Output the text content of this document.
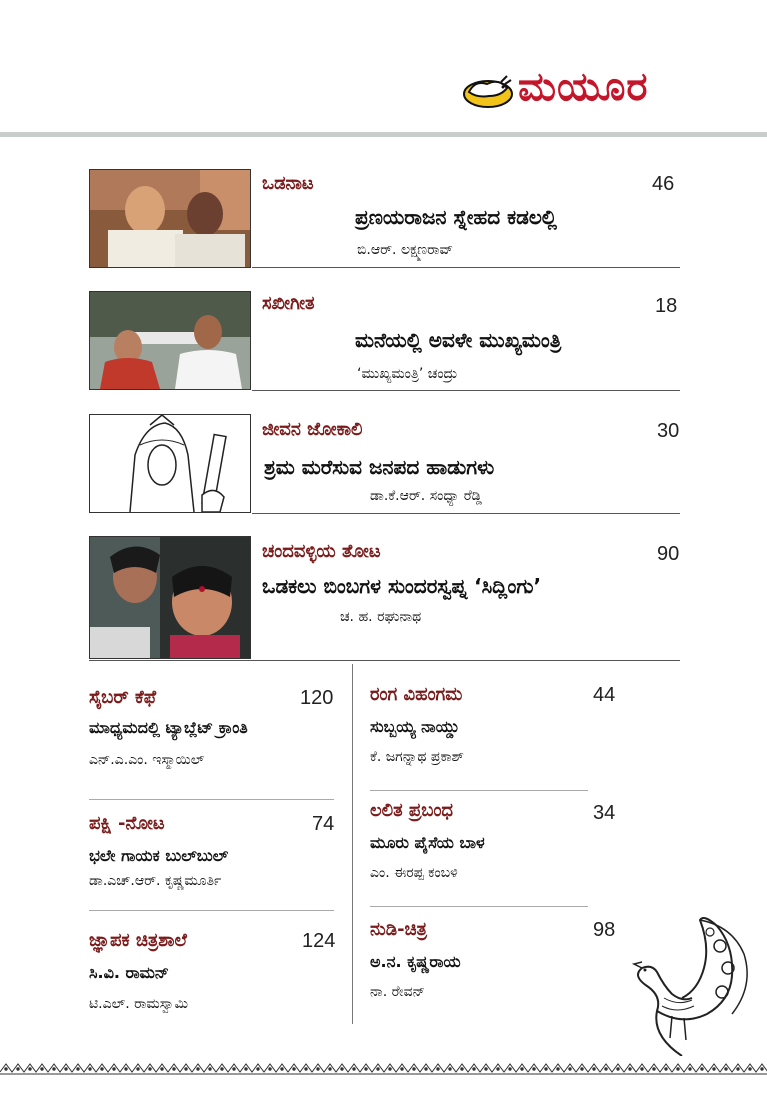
ಮಯೂರ
ಒಡನಾಟ	46
ಪ್ರಣಯರಾಜನ ಸ್ನೇಹದ ಕಡಲಲ್ಲಿ
ಬಿ.ಆರ್. ಲಕ್ಷ್ಮಣರಾವ್
ಸಖೀಗೀತ	18
ಮನೆಯಲ್ಲಿ ಅವಳೇ ಮುಖ್ಯಮಂತ್ರಿ
‘ಮುಖ್ಯಮಂತ್ರಿ’ ಚಂದ್ರು
ಜೀವನ ಜೋಕಾಲಿ	30
ಶ್ರಮ ಮರೆಸುವ ಜನಪದ ಹಾಡುಗಳು
ಡಾ.ಕೆ.ಆರ್. ಸಂಧ್ಯಾ ರೆಡ್ಡಿ
ಚಂದವಳ್ಳಿಯ ತೋಟ	90
ಒಡಕಲು ಬಿಂಬಗಳ ಸುಂದರಸ್ವಪ್ನ ‘ಸಿದ್ಲಿಂಗು’
ಚ. ಹ. ರಘುನಾಥ
ಸೈಬರ್ ಕೆಫೆ	120
ಮಾಧ್ಯಮದಲ್ಲಿ ಟ್ಯಾಬ್ಲೆಟ್ ಕ್ರಾಂತಿ
ಎನ್.ಎ.ಎಂ. ಇಸ್ಮಾಯಿಲ್
ಪಕ್ಷಿ -ನೋಟ	74
ಭಲೇ ಗಾಯಕ ಬುಲ್‌ಬುಲ್
ಡಾ.ಎಚ್.ಆರ್. ಕೃಷ್ಣಮೂರ್ತಿ
ಜ್ಞಾಪಕ ಚಿತ್ರಶಾಲೆ	124
ಸಿ.ವಿ. ರಾಮನ್
ಟಿ.ಎಲ್. ರಾಮಸ್ವಾಮಿ
ರಂಗ ವಿಹಂಗಮ	44
ಸುಬ್ಬಯ್ಯ ನಾಯ್ಡು
ಕೆ. ಜಗನ್ನಾಥ ಪ್ರಕಾಶ್
ಲಲಿತ ಪ್ರಬಂಧ	34
ಮೂರು ಪೈಸೆಯ ಬಾಳ
ಎಂ. ಈರಪ್ಪ ಕಂಬಳಿ
ನುಡಿ-ಚಿತ್ರ	98
ಅ.ನ. ಕೃಷ್ಣರಾಯ
ನಾ. ರೇವನ್
